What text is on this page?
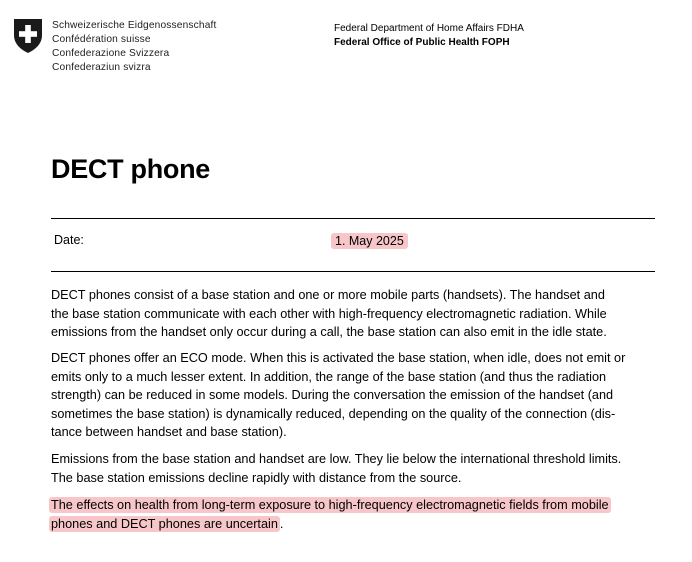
Schweizerische Eidgenossenschaft
Confédération suisse
Confederazione Svizzera
Confederaziun svizra
Federal Department of Home Affairs FDHA
Federal Office of Public Health FOPH
DECT phone
Date:	1. May 2025

DECT phones consist of a base station and one or more mobile parts (handsets). The handset and
the base station communicate with each other with high-frequency electromagnetic radiation. While
emissions from the handset only occur during a call, the base station can also emit in the idle state.

DECT phones offer an ECO mode. When this is activated the base station, when idle, does not emit or
emits only to a much lesser extent. In addition, the range of the base station (and thus the radiation
strength) can be reduced in some models. During the conversation the emission of the handset (and
sometimes the base station) is dynamically reduced, depending on the quality of the connection (dis-
tance between handset and base station).

Emissions from the base station and handset are low. They lie below the international threshold limits.
The base station emissions decline rapidly with distance from the source.

The effects on health from long-term exposure to high-frequency electromagnetic fields from mobile
phones and DECT phones are uncertain .
